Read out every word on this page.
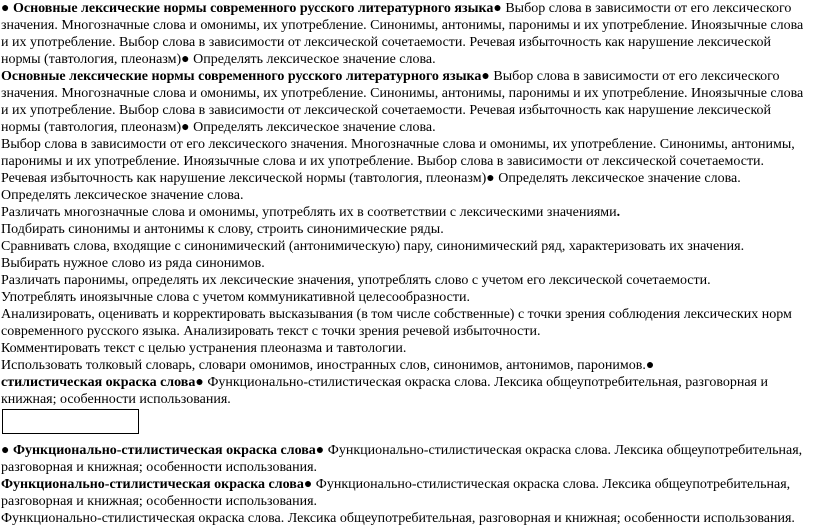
● Основные лексические нормы современного русского литературного языка● Выбор слова в зависимости от его лексического значения. Многозначные слова и омонимы, их употребление. Синонимы, антонимы, паронимы и их употребление. Иноязычные слова и их употребление. Выбор слова в зависимости от лексической сочетаемости. Речевая избыточность как нарушение лексической нормы (тавтология, плеоназм)● Определять лексическое значение слова.

Основные лексические нормы современного русского литературного языка● Выбор слова в зависимости от его лексического значения. Многозначные слова и омонимы, их употребление. Синонимы, антонимы, паронимы и их употребление. Иноязычные слова и их употребление. Выбор слова в зависимости от лексической сочетаемости. Речевая избыточность как нарушение лексической нормы (тавтология, плеоназм)● Определять лексическое значение слова.

Выбор слова в зависимости от его лексического значения. Многозначные слова и омонимы, их употребление. Синонимы, антонимы, паронимы и их употребление. Иноязычные слова и их употребление. Выбор слова в зависимости от лексической сочетаемости. Речевая избыточность как нарушение лексической нормы (тавтология, плеоназм)● Определять лексическое значение слова.

Определять лексическое значение слова.

Различать многозначные слова и омонимы, употреблять их в соответствии с лексическими значениями.

Подбирать синонимы и антонимы к слову, строить синонимические ряды.

Сравнивать слова, входящие с синонимический (антонимическую) пару, синонимический ряд, характеризовать их значения.

Выбирать нужное слово из ряда синонимов.

Различать паронимы, определять их лексические значения, употреблять слово с учетом его лексической сочетаемости.

Употреблять иноязычные слова с учетом коммуникативной целесообразности.

Анализировать, оценивать и корректировать высказывания (в том числе собственные) с точки зрения соблюдения лексических норм современного русского языка. Анализировать текст с точки зрения речевой избыточности.

Комментировать текст с целью устранения плеоназма и тавтологии.

Использовать толковый словарь, словари омонимов, иностранных слов, синонимов, антонимов, паронимов.●

стилистическая окраска слова● Функционально-стилистическая окраска слова. Лексика общеупотребительная, разговорная и книжная; особенности использования.

● Функционально-стилистическая окраска слова● Функционально-стилистическая окраска слова. Лексика общеупотребительная, разговорная и книжная; особенности использования.

Функционально-стилистическая окраска слова● Функционально-стилистическая окраска слова. Лексика общеупотребительная, разговорная и книжная; особенности использования.

Функционально-стилистическая окраска слова. Лексика общеупотребительная, разговорная и книжная; особенности использования.
